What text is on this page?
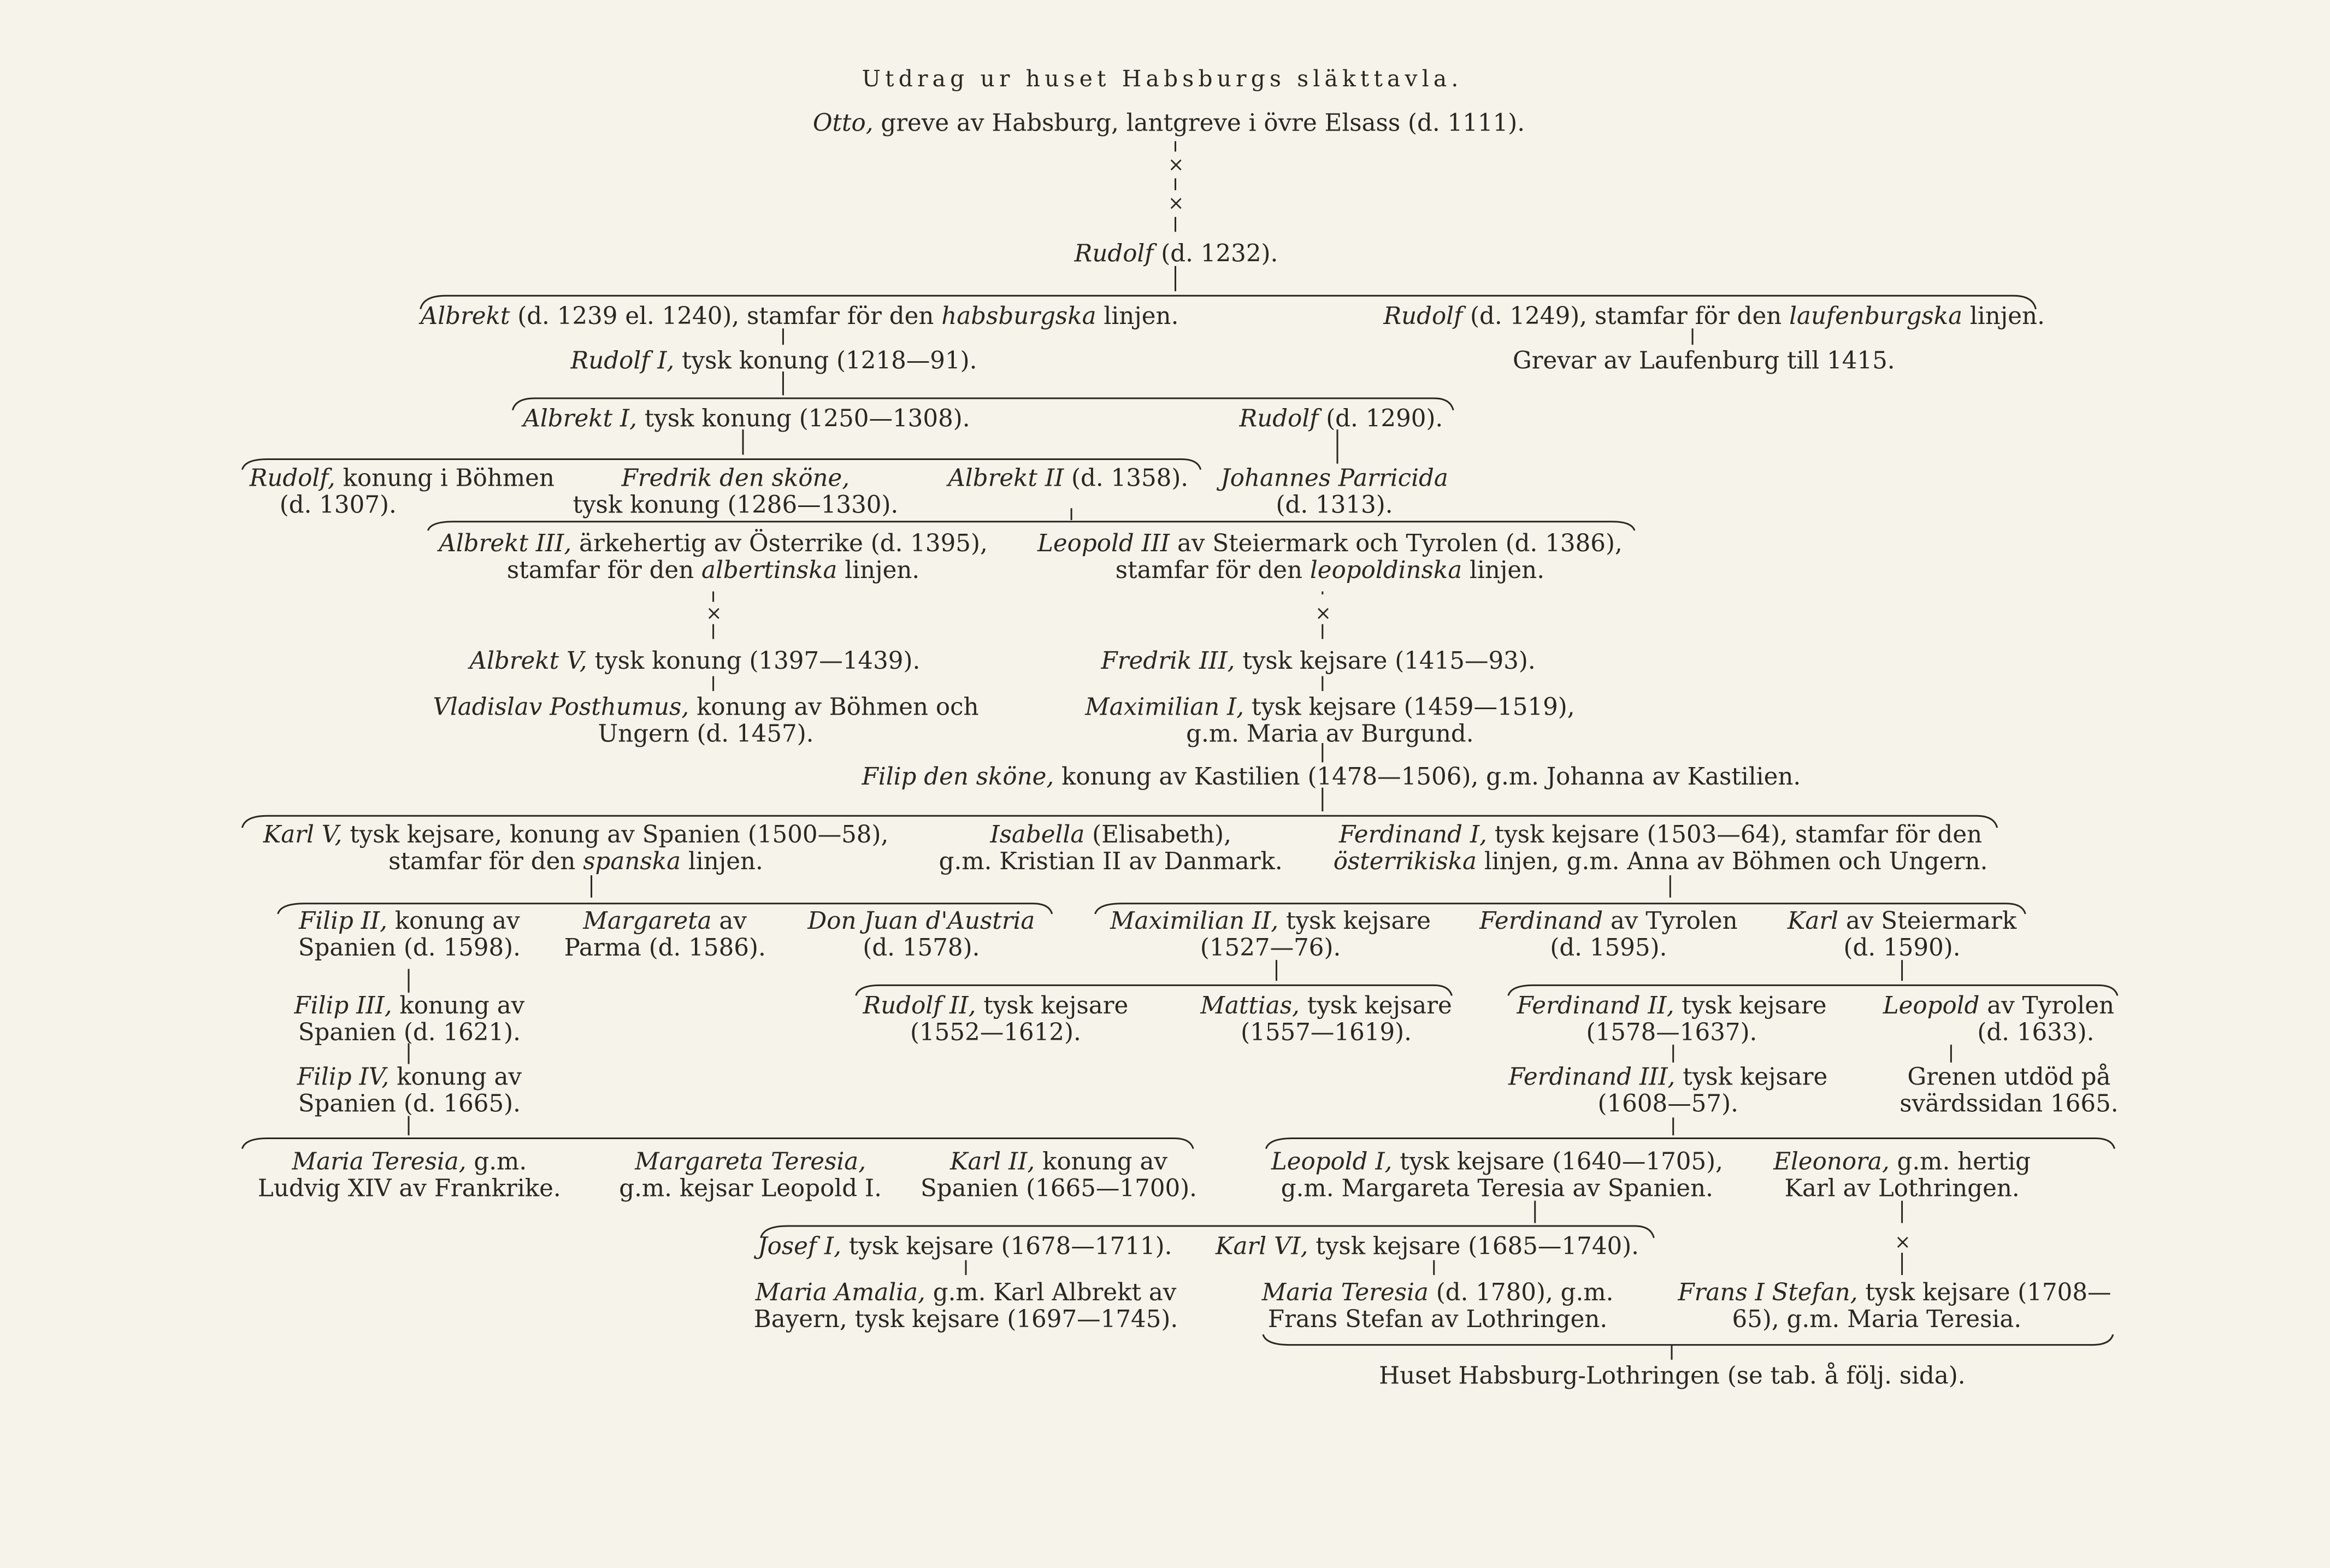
×
×
×	×
×
Utdrag ur huset Habsburgs släkttavla.
Otto, greve av Habsburg, lantgreve i övre Elsass (d. 1111).
Rudolf (d. 1232).
Albrekt (d. 1239 el. 1240), stamfar för den habsburgska linjen.	Rudolf (d. 1249), stamfar för den laufenburgska linjen.
Rudolf I, tysk konung (1218—91).	Grevar av Laufenburg till 1415.
Albrekt I, tysk konung (1250—1308).	Rudolf (d. 1290).
Rudolf, konung i Böhmen
(d. 1307).
Fredrik den sköne,
tysk konung (1286—1330).
Albrekt II (d. 1358).	Johannes Parricida
(d. 1313).
Albrekt III, ärkehertig av Österrike (d. 1395),
stamfar för den albertinska linjen.
Leopold III av Steiermark och Tyrolen (d. 1386),
stamfar för den leopoldinska linjen.
Albrekt V, tysk konung (1397—1439).	Fredrik III, tysk kejsare (1415—93).
Vladislav Posthumus, konung av Böhmen och
Ungern (d. 1457).
Maximilian I, tysk kejsare (1459—1519),
g.m. Maria av Burgund.
Filip den sköne, konung av Kastilien (1478—1506), g.m. Johanna av Kastilien.
Karl V, tysk kejsare, konung av Spanien (1500—58),
stamfar för den spanska linjen.
Isabella (Elisabeth),
g.m. Kristian II av Danmark.
Ferdinand I, tysk kejsare (1503—64), stamfar för den
österrikiska linjen, g.m. Anna av Böhmen och Ungern.
Filip II, konung av
Spanien (d. 1598).
Margareta av
Parma (d. 1586).
Don Juan d'Austria
(d. 1578).
Maximilian II, tysk kejsare
(1527—76).
Ferdinand av Tyrolen
(d. 1595).
Karl av Steiermark
(d. 1590).
Filip III, konung av
Spanien (d. 1621).
Rudolf II, tysk kejsare
(1552—1612).
Mattias, tysk kejsare
(1557—1619).
Ferdinand II, tysk kejsare
(1578—1637).
Leopold av Tyrolen
(d. 1633).
Filip IV, konung av
Spanien (d. 1665).
Ferdinand III, tysk kejsare
(1608—57).
Grenen utdöd på
svärdssidan 1665.
Maria Teresia, g.m.
Ludvig XIV av Frankrike.
Margareta Teresia,
g.m. kejsar Leopold I.
Karl II, konung av
Spanien (1665—1700).
Leopold I, tysk kejsare (1640—1705),
g.m. Margareta Teresia av Spanien.
Eleonora, g.m. hertig
Karl av Lothringen.
Josef I, tysk kejsare (1678—1711).	Karl VI, tysk kejsare (1685—1740).
Maria Amalia, g.m. Karl Albrekt av
Bayern, tysk kejsare (1697—1745).
Maria Teresia (d. 1780), g.m.
Frans Stefan av Lothringen.
Frans I Stefan, tysk kejsare (1708—
65), g.m. Maria Teresia.
Huset Habsburg-Lothringen (se tab. å följ. sida).
